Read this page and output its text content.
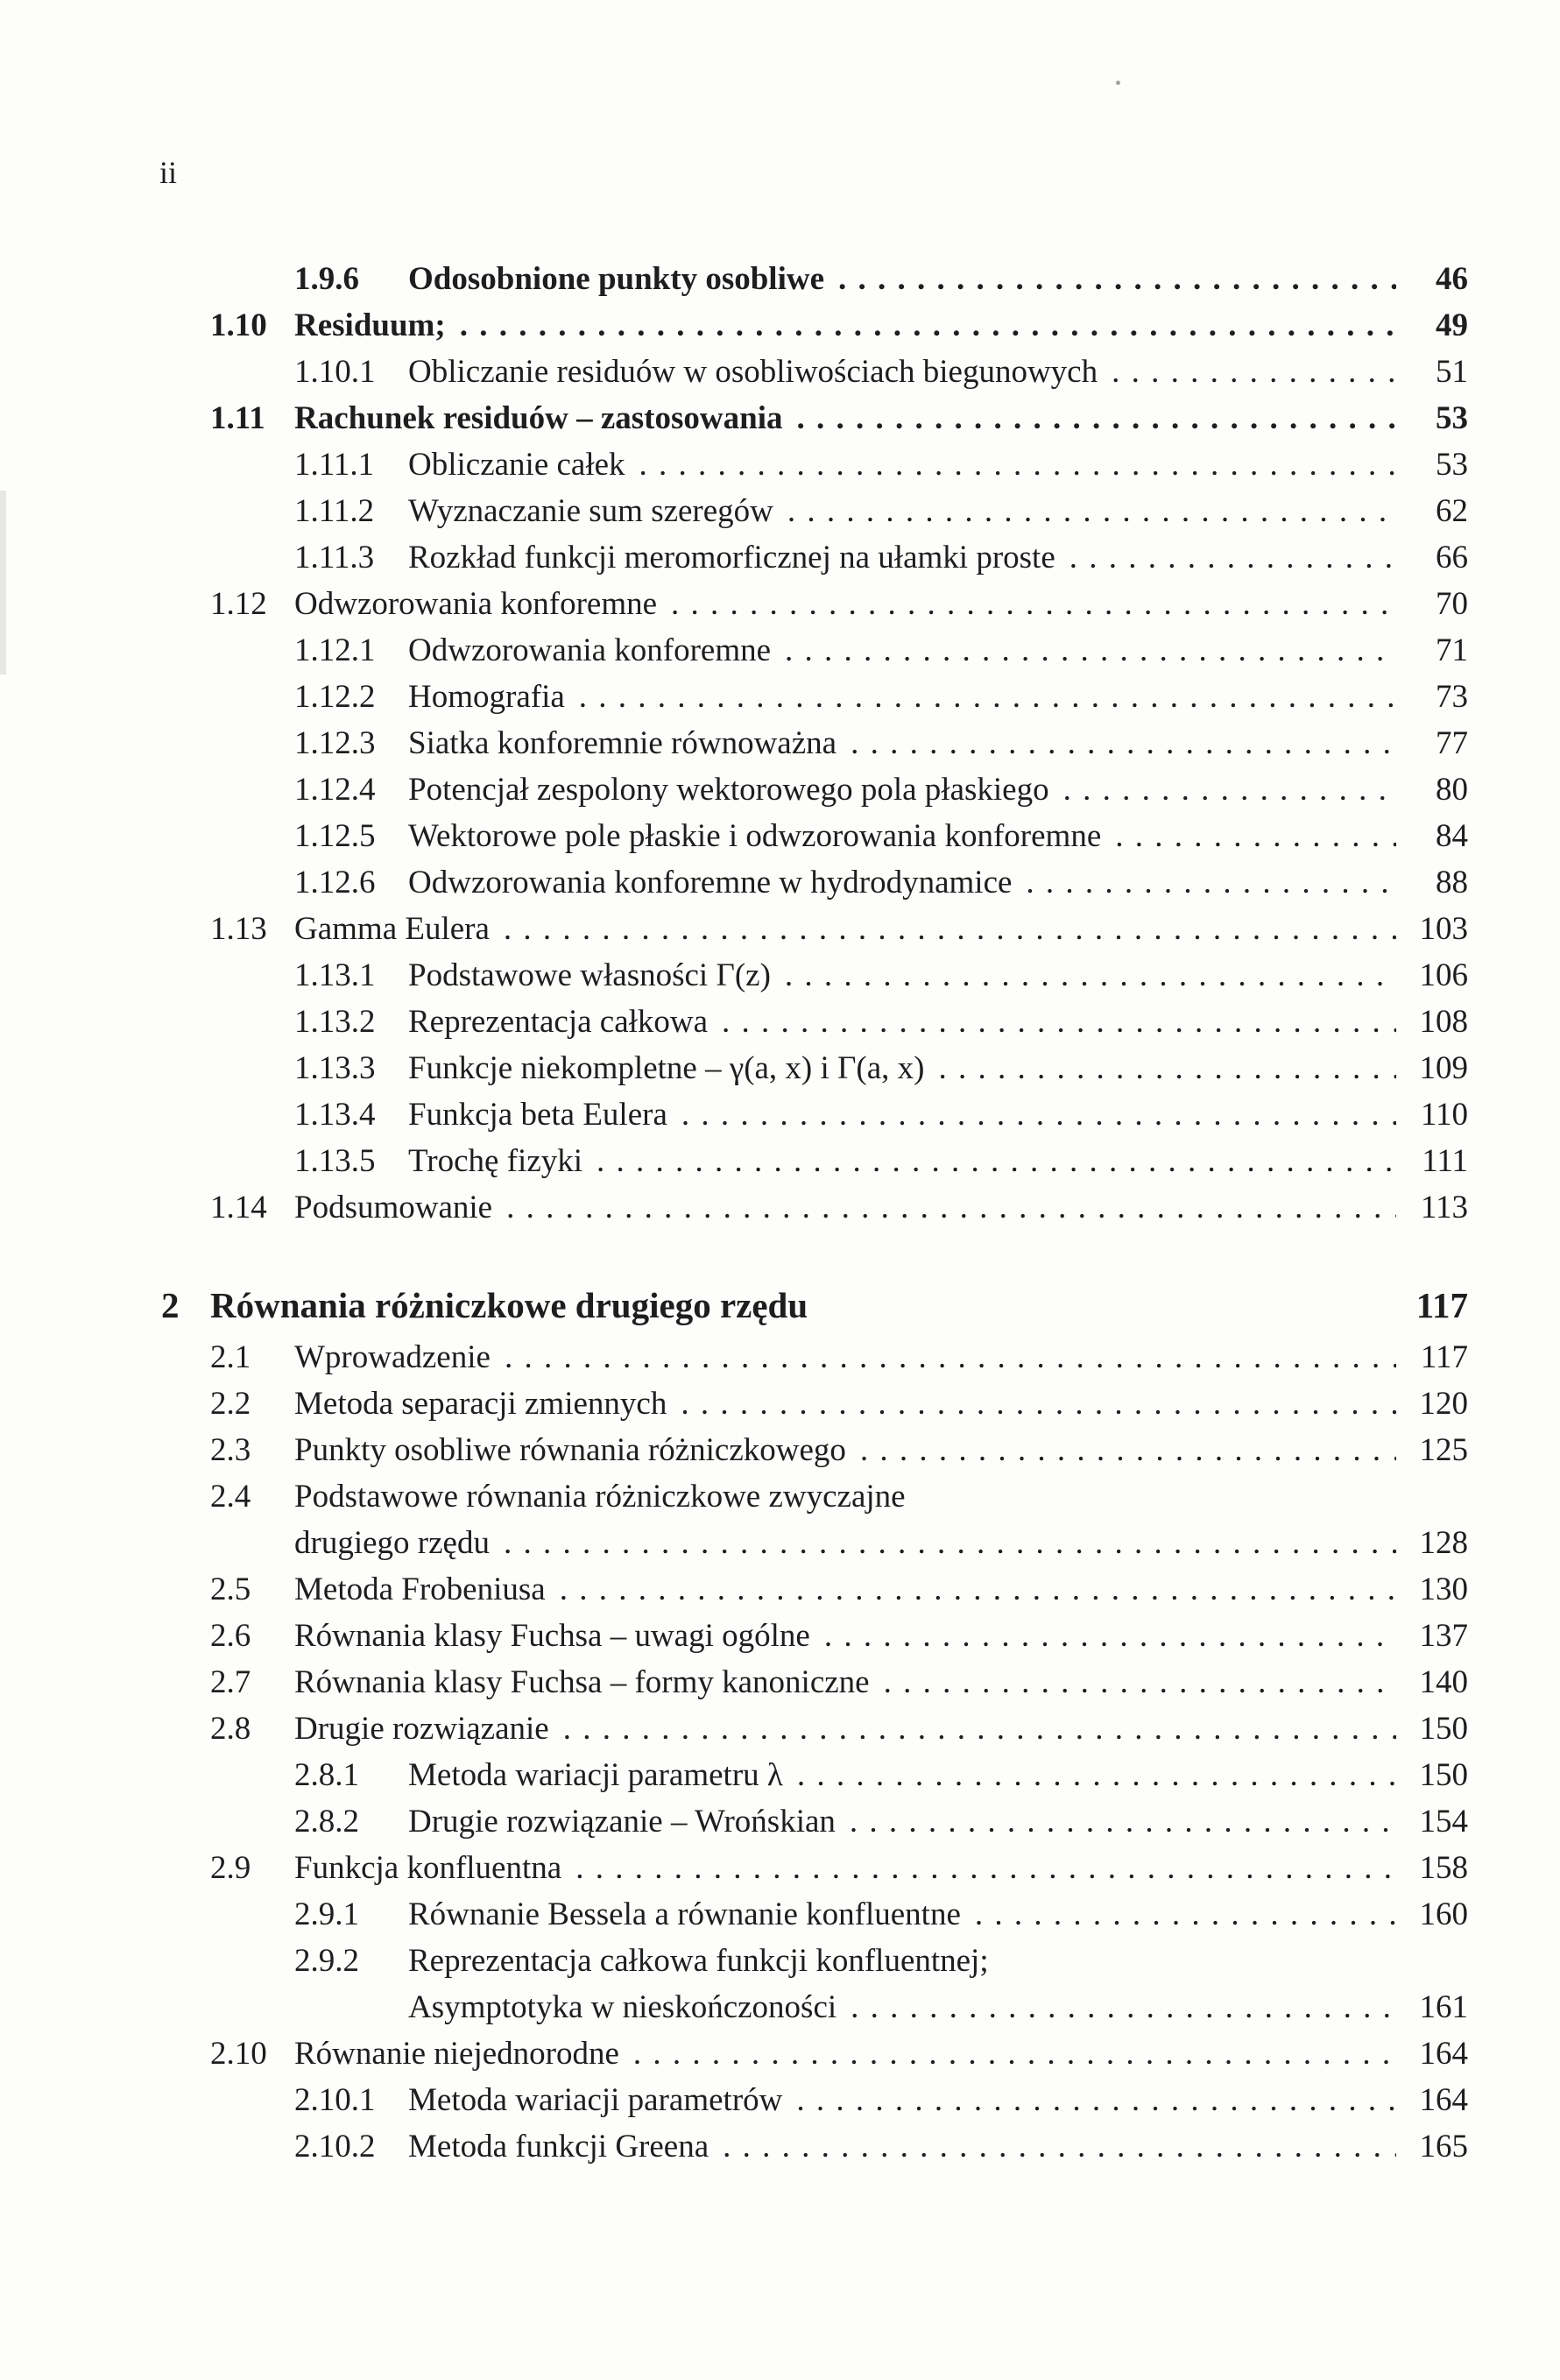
ii
1.9.6	Odosobnione punkty osobliwe . . .	46
1.10 Residuum; . . .	49
1.10.1	Obliczanie residuów w osobliwościach biegunowych . . .	51
1.11 Rachunek residuów – zastosowania . . .	53
1.11.1	Obliczanie całek . . .	53
1.11.2	Wyznaczanie sum szeregów . . .	62
1.11.3	Rozkład funkcji meromorficznej na ułamki proste . . .	66
1.12 Odwzorowania konforemne . . .	70
1.12.1	Odwzorowania konforemne . . .	71
1.12.2	Homografia . . .	73
1.12.3	Siatka konforemnie równoważna . . .	77
1.12.4	Potencjał zespolony wektorowego pola płaskiego . . .	80
1.12.5	Wektorowe pole płaskie i odwzorowania konforemne . . .	84
1.12.6	Odwzorowania konforemne w hydrodynamice . . .	88
1.13 Gamma Eulera . . .	103
1.13.1	Podstawowe własności Γ(z) . . .	106
1.13.2	Reprezentacja całkowa . . .	108
1.13.3	Funkcje niekompletne – γ(a, x) i Γ(a, x) . . .	109
1.13.4	Funkcja beta Eulera . . .	110
1.13.5	Trochę fizyki . . .	111
1.14 Podsumowanie . . .	113
2 Równania różniczkowe drugiego rzędu	117
2.1	Wprowadzenie . . .	117
2.2	Metoda separacji zmiennych . . .	120
2.3	Punkty osobliwe równania różniczkowego . . .	125
2.4	Podstawowe równania różniczkowe zwyczajne
drugiego rzędu . . .	128
2.5	Metoda Frobeniusa . . .	130
2.6	Równania klasy Fuchsa – uwagi ogólne . . .	137
2.7	Równania klasy Fuchsa – formy kanoniczne . . .	140
2.8	Drugie rozwiązanie . . .	150
2.8.1	Metoda wariacji parametru λ . . .	150
2.8.2	Drugie rozwiązanie – Wrońskian . . .	154
2.9	Funkcja konfluentna . . .	158
2.9.1	Równanie Bessela a równanie konfluentne . . .	160
2.9.2	Reprezentacja całkowa funkcji konfluentnej;
Asymptotyka w nieskończoności . . .	161
2.10 Równanie niejednorodne . . .	164
2.10.1	Metoda wariacji parametrów . . .	164
2.10.2	Metoda funkcji Greena . . .	165
